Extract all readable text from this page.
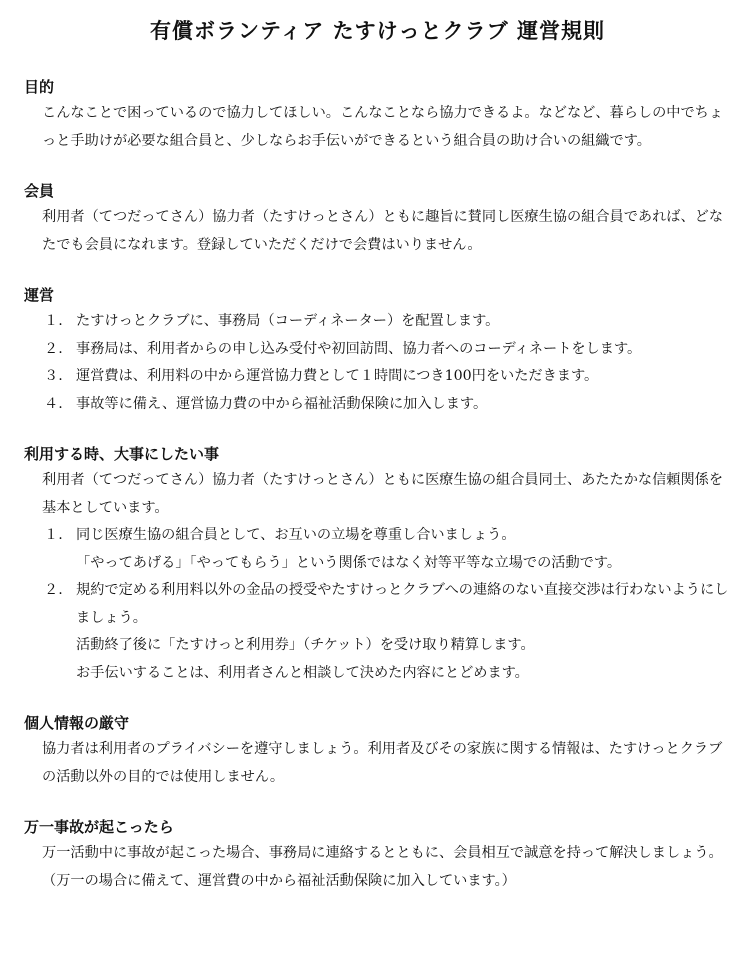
有償ボランティア たすけっとクラブ 運営規則
目的

こんなことで困っているので協力してほしい。こんなことなら協力できるよ。などなど、暮らしの中でちょっと手助けが必要な組合員と、少しならお手伝いができるという組合員の助け合いの組織です。

会員

利用者（てつだってさん）協力者（たすけっとさん）ともに趣旨に賛同し医療生協の組合員であれば、どなたでも会員になれます。登録していただくだけで会費はいりません。

運営
１. たすけっとクラブに、事務局（コーディネーター）を配置します。
２. 事務局は、利用者からの申し込み受付や初回訪問、協力者へのコーディネートをします。
３. 運営費は、利用料の中から運営協力費として１時間につき100円をいただきます。
４. 事故等に備え、運営協力費の中から福祉活動保険に加入します。
利用する時、大事にしたい事

利用者（てつだってさん）協力者（たすけっとさん）ともに医療生協の組合員同士、あたたかな信頼関係を基本としています。

１. 同じ医療生協の組合員として、お互いの立場を尊重し合いましょう。

「やってあげる」「やってもらう」という関係ではなく対等平等な立場での活動です。

２. 規約で定める利用料以外の金品の授受やたすけっとクラブへの連絡のない直接交渉は行わないようにしましょう。

活動終了後に「たすけっと利用券」（チケット）を受け取り精算します。

お手伝いすることは、利用者さんと相談して決めた内容にとどめます。

個人情報の厳守

協力者は利用者のプライバシーを遵守しましょう。利用者及びその家族に関する情報は、たすけっとクラブの活動以外の目的では使用しません。

万一事故が起こったら

万一活動中に事故が起こった場合、事務局に連絡するとともに、会員相互で誠意を持って解決しましょう。（万一の場合に備えて、運営費の中から福祉活動保険に加入しています。）
